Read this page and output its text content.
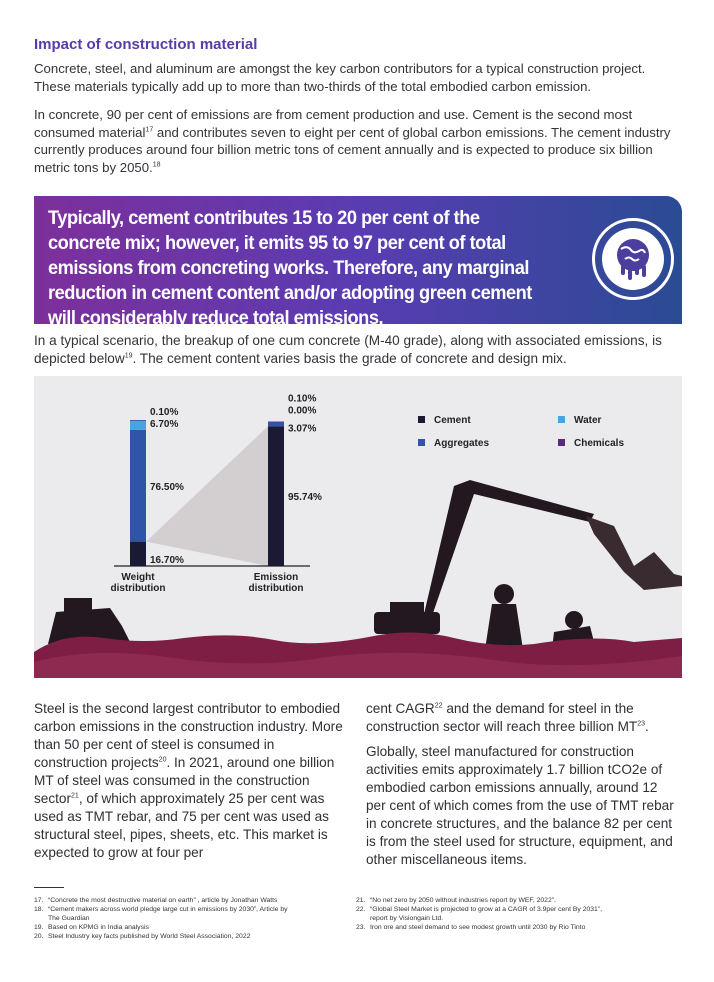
Impact of construction material

Concrete, steel, and aluminum are amongst the key carbon contributors for a typical construction project. These materials typically add up to more than two-thirds of the total embodied carbon emission.

In concrete, 90 per cent of emissions are from cement production and use. Cement is the second most consumed material$^{17}$ and contributes seven to eight per cent of global carbon emissions. The cement industry currently produces around four billion metric tons of cement annually and is expected to produce six billion metric tons by 2050.18

Typically, cement contributes 15 to 20 per cent of the concrete mix; however, it emits 95 to 97 per cent of total emissions from concreting works. Therefore, any marginal reduction in cement content and/or adopting green cement will considerably reduce total emissions.

In a typical scenario, the breakup of one cum concrete (M-40 grade), along with associated emissions, is depicted below$^{19}$. The cement content varies basis the grade of concrete and design mix.

16.70%
76.50%
6.70%
0.10%
Weight
distribution
95.74%
3.07%
0.00%
0.10%
Emission
distribution
Cement
Aggregates
Water
Chemicals
Steel is the second largest contributor to embodied carbon emissions in the construction industry. More than 50 per cent of steel is consumed in construction projects$^{20}$. In 2021, around one billion MT of steel was consumed in the construction sector$^{21}$, of which approximately 25 per cent was used as TMT rebar, and 75 per cent was used as structural steel, pipes, sheets, etc. This market is expected to grow at four per

cent CAGR$^{22}$ and the demand for steel in the construction sector will reach three billion MT$^{23}$.

Globally, steel manufactured for construction activities emits approximately 1.7 billion tCO2e of embodied carbon emissions annually, around 12 per cent of which comes from the use of TMT rebar in concrete structures, and the balance 82 per cent is from the steel used for structure, equipment, and other miscellaneous items.

17. “Concrete the most destructive material on earth” , article by Jonathan Watts
18. “Cement makers across world pledge large cut in emissions by 2030”, Article by
The Guardian
19. Based on KPMG in India analysis
20. Steel Industry key facts published by World Steel Association, 2022
21. “No net zero by 2050 without industries report by WEF, 2022”.
22. “Global Steel Market is projected to grow at a CAGR of 3.9per cent By 2031”,
report by Visiongain Ltd.
23. Iron ore and steel demand to see modest growth until 2030 by Rio Tinto
